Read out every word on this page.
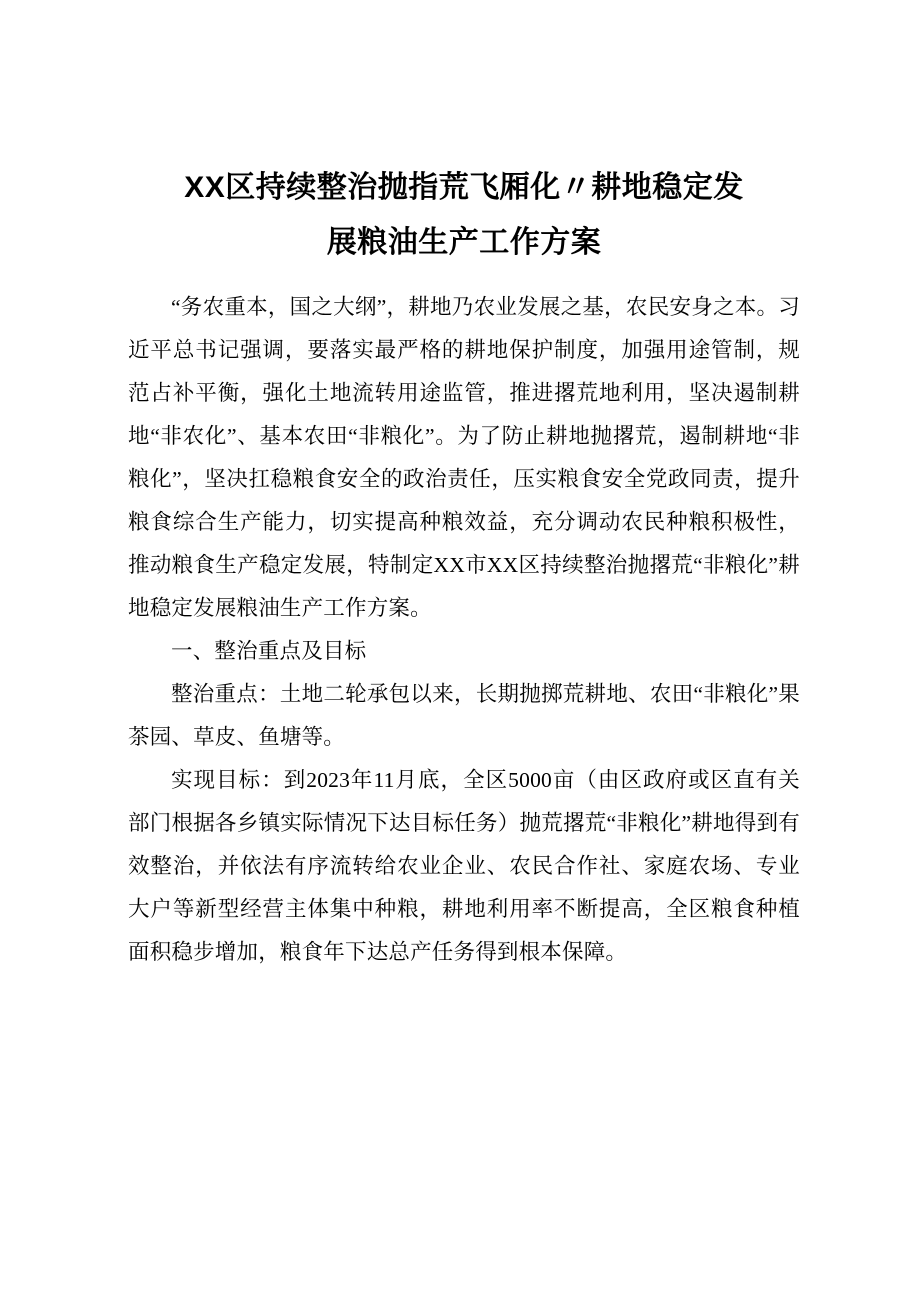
XX区持续整治抛指荒飞厢化〃耕地稳定发
展粮油生产工作方案

“务农重本，国之大纲”，耕地乃农业发展之基，农民安身之本。习近平总书记强调，要落实最严格的耕地保护制度，加强用途管制，规范占补平衡，强化土地流转用途监管，推进撂荒地利用，坚决遏制耕地“非农化”、基本农田“非粮化”。为了防止耕地抛撂荒，遏制耕地“非粮化”，坚决扛稳粮食安全的政治责任，压实粮食安全党政同责，提升粮食综合生产能力，切实提高种粮效益，充分调动农民种粮积极性，推动粮食生产稳定发展，特制定XX市XX区持续整治抛撂荒“非粮化”耕地稳定发展粮油生产工作方案。

一、整治重点及目标

整治重点：土地二轮承包以来，长期抛掷荒耕地、农田“非粮化”果茶园、草皮、鱼塘等。

实现目标：到2023年11月底，全区5000亩（由区政府或区直有关部门根据各乡镇实际情况下达目标任务）抛荒撂荒“非粮化”耕地得到有效整治，并依法有序流转给农业企业、农民合作社、家庭农场、专业大户等新型经营主体集中种粮，耕地利用率不断提高，全区粮食种植面积稳步增加，粮食年下达总产任务得到根本保障。
